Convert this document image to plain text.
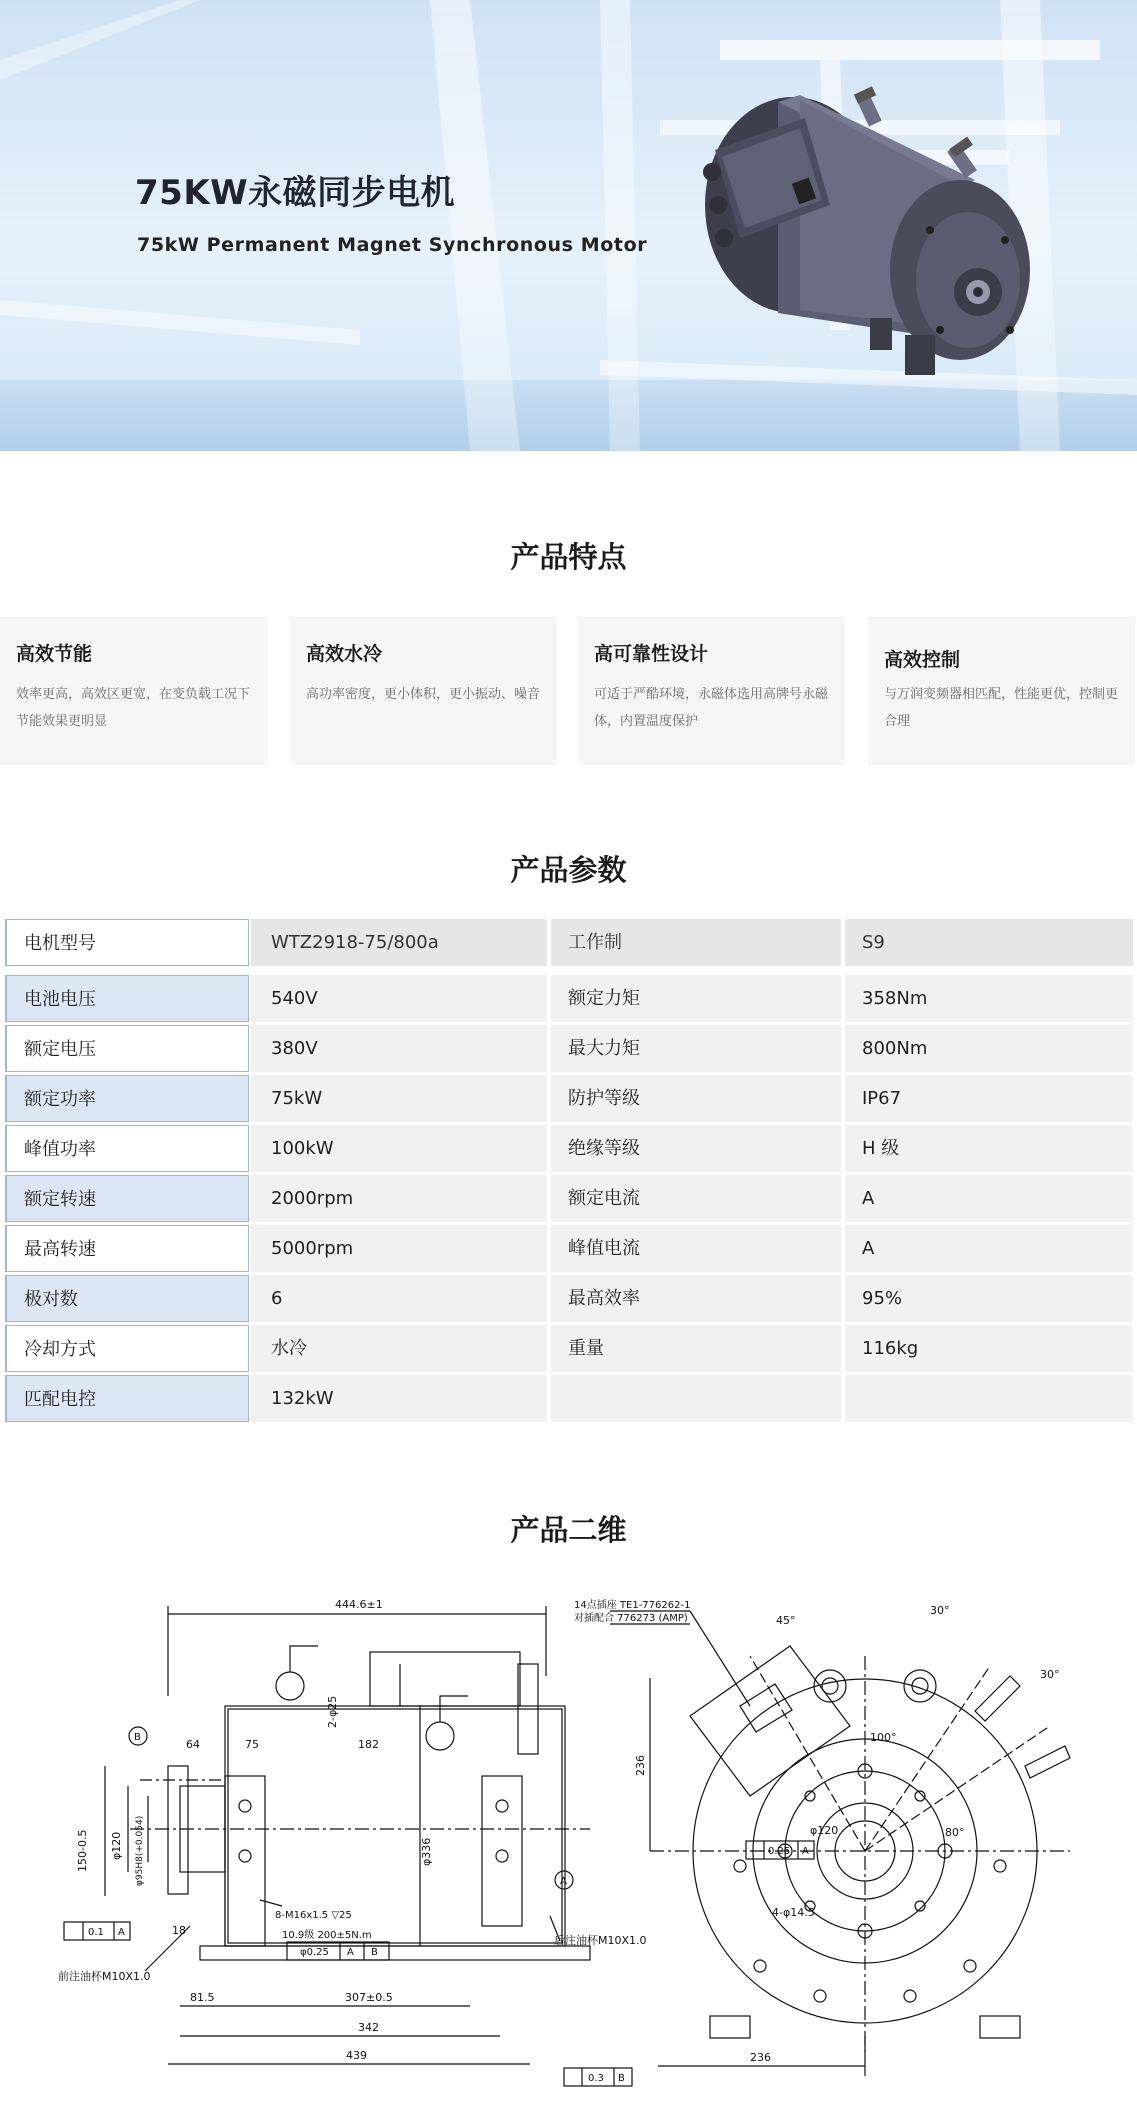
75KW永磁同步电机
75kW Permanent Magnet Synchronous Motor
产品特点
高效节能
效率更高，高效区更宽，在变负载工况下节能效果更明显
高效水冷
高功率密度，更小体积，更小振动、噪音
高可靠性设计
可适于严酷环境，永磁体选用高牌号永磁体，内置温度保护
高效控制
与万润变频器相匹配，性能更优，控制更合理
产品参数
电机型号	WTZ2918-75/800a	工作制	S9
电池电压	540V	额定力矩	358Nm
额定电压	380V	最大力矩	800Nm
额定功率	75kW	防护等级	IP67
峰值功率	100kW	绝缘等级	H 级
额定转速	2000rpm	额定电流	A
最高转速	5000rpm	峰值电流	A
极对数	6	最高效率	95%
冷却方式	水冷	重量	116kg
匹配电控	132kW
产品二维
444.6±1
64	75
2-φ25
182
φ336
150-0.5 φ120 φ95H8(+0.054)
8-M16x1.5 ▽25
10.9级 200±5N.m
φ0.25 A B
0.1 A	18
前注油杯M10X1.0
后注油杯M10X1.0
81.5	307±0.5
342
439
0.3 B
B
A
14点插座 TE1-776262-1
对插配合 776273 (AMP)	45°
30°
30°
100°
80°
236
236
φ120
0.25 A
4-φ14.5
